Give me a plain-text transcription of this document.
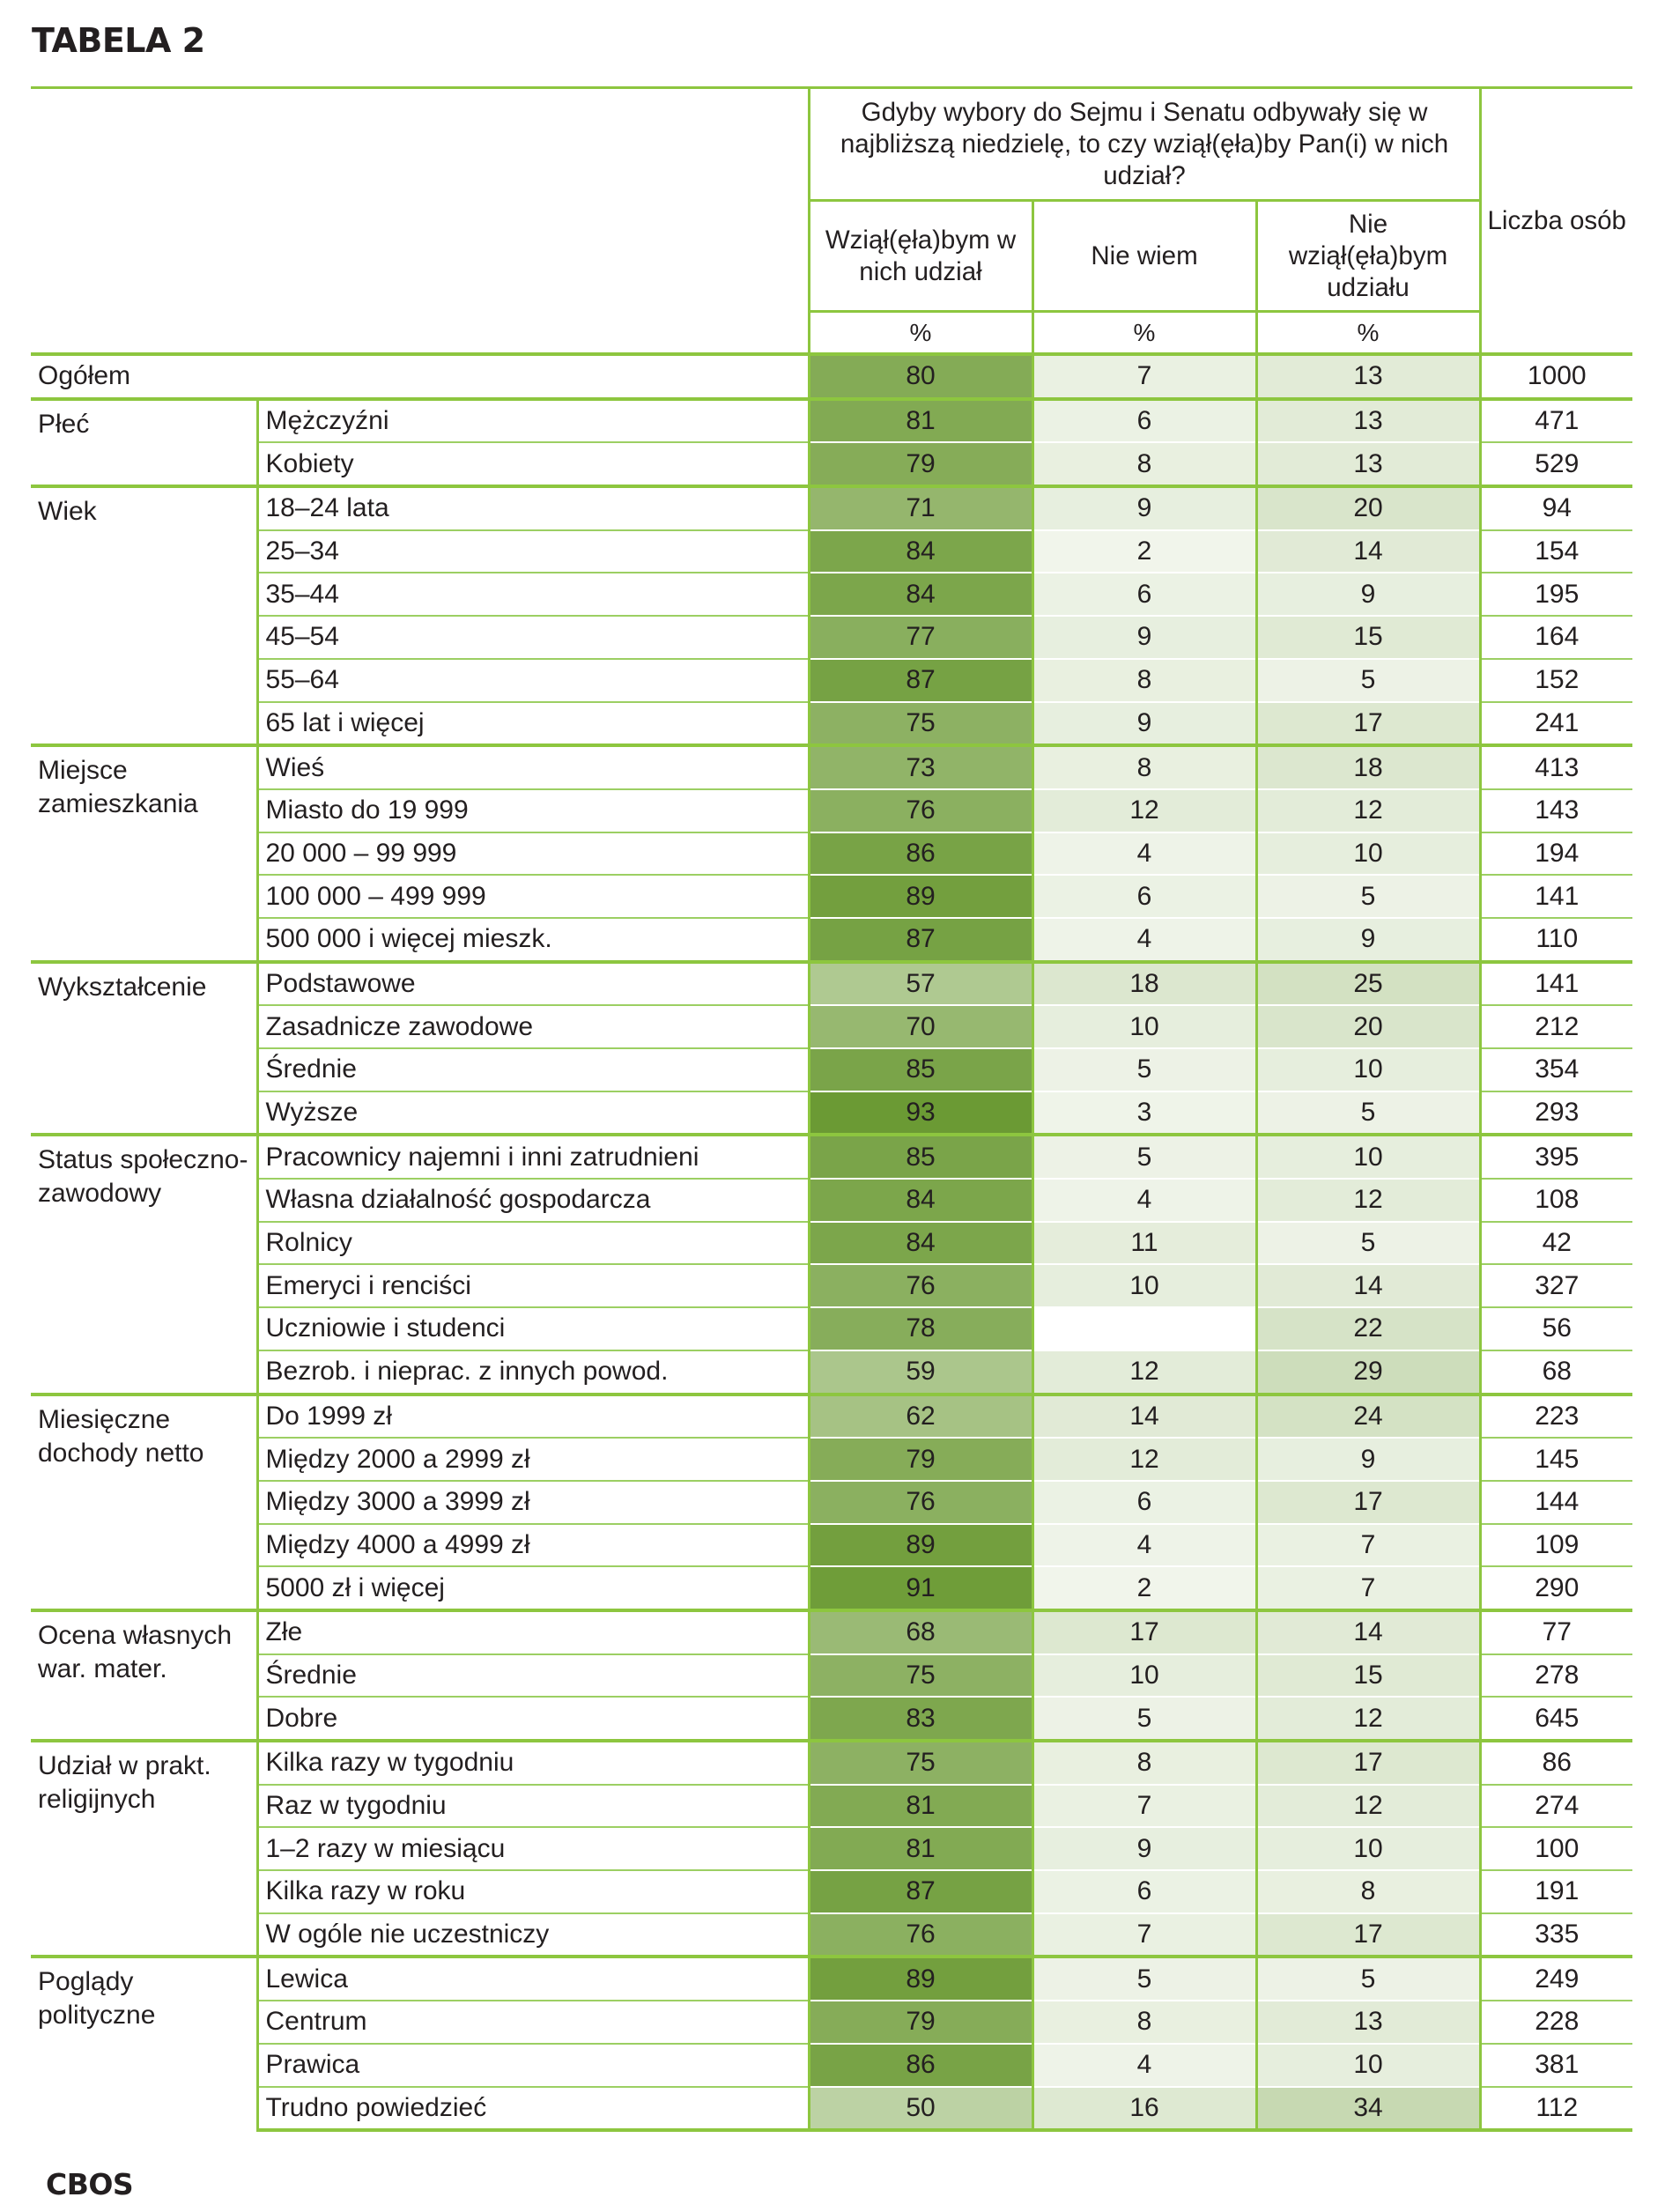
TABELA 2
		Gdyby wybory do Sejmu i Senatu odbywały się w najbliższą niedzielę, to czy wziął(ęła)by Pan(i) w nich udział?			Liczba osób
		Wziął(ęła)bym w nich udział	Nie wiem	Nie wziął(ęła)bym udziału	
		%	%	%	
Ogółem		80	7	13	1000
Płeć	Mężczyźni	81	6	13	471
	Kobiety	79	8	13	529
Wiek	18–24 lata	71	9	20	94
	25–34	84	2	14	154
	35–44	84	6	9	195
	45–54	77	9	15	164
	55–64	87	8	5	152
	65 lat i więcej	75	9	17	241
Miejsce zamieszkania	Wieś	73	8	18	413
	Miasto do 19 999	76	12	12	143
	20 000 – 99 999	86	4	10	194
	100 000 – 499 999	89	6	5	141
	500 000 i więcej mieszk.	87	4	9	110
Wykształcenie	Podstawowe	57	18	25	141
	Zasadnicze zawodowe	70	10	20	212
	Średnie	85	5	10	354
	Wyższe	93	3	5	293
Status społeczno- zawodowy	Pracownicy najemni i inni zatrudnieni	85	5	10	395
	Własna działalność gospodarcza	84	4	12	108
	Rolnicy	84	11	5	42
	Emeryci i renciści	76	10	14	327
	Uczniowie i studenci	78		22	56
	Bezrob. i nieprac. z innych powod.	59	12	29	68
Miesięczne dochody netto	Do 1999 zł	62	14	24	223
	Między 2000 a 2999 zł	79	12	9	145
	Między 3000 a 3999 zł	76	6	17	144
	Między 4000 a 4999 zł	89	4	7	109
	5000 zł i więcej	91	2	7	290
Ocena własnych war. mater.	Złe	68	17	14	77
	Średnie	75	10	15	278
	Dobre	83	5	12	645
Udział w prakt. religijnych	Kilka razy w tygodniu	75	8	17	86
	Raz w tygodniu	81	7	12	274
	1–2 razy w miesiącu	81	9	10	100
	Kilka razy w roku	87	6	8	191
	W ogóle nie uczestniczy	76	7	17	335
Poglądy polityczne	Lewica	89	5	5	249
	Centrum	79	8	13	228
	Prawica	86	4	10	381
	Trudno powiedzieć	50	16	34	112
CBOS
